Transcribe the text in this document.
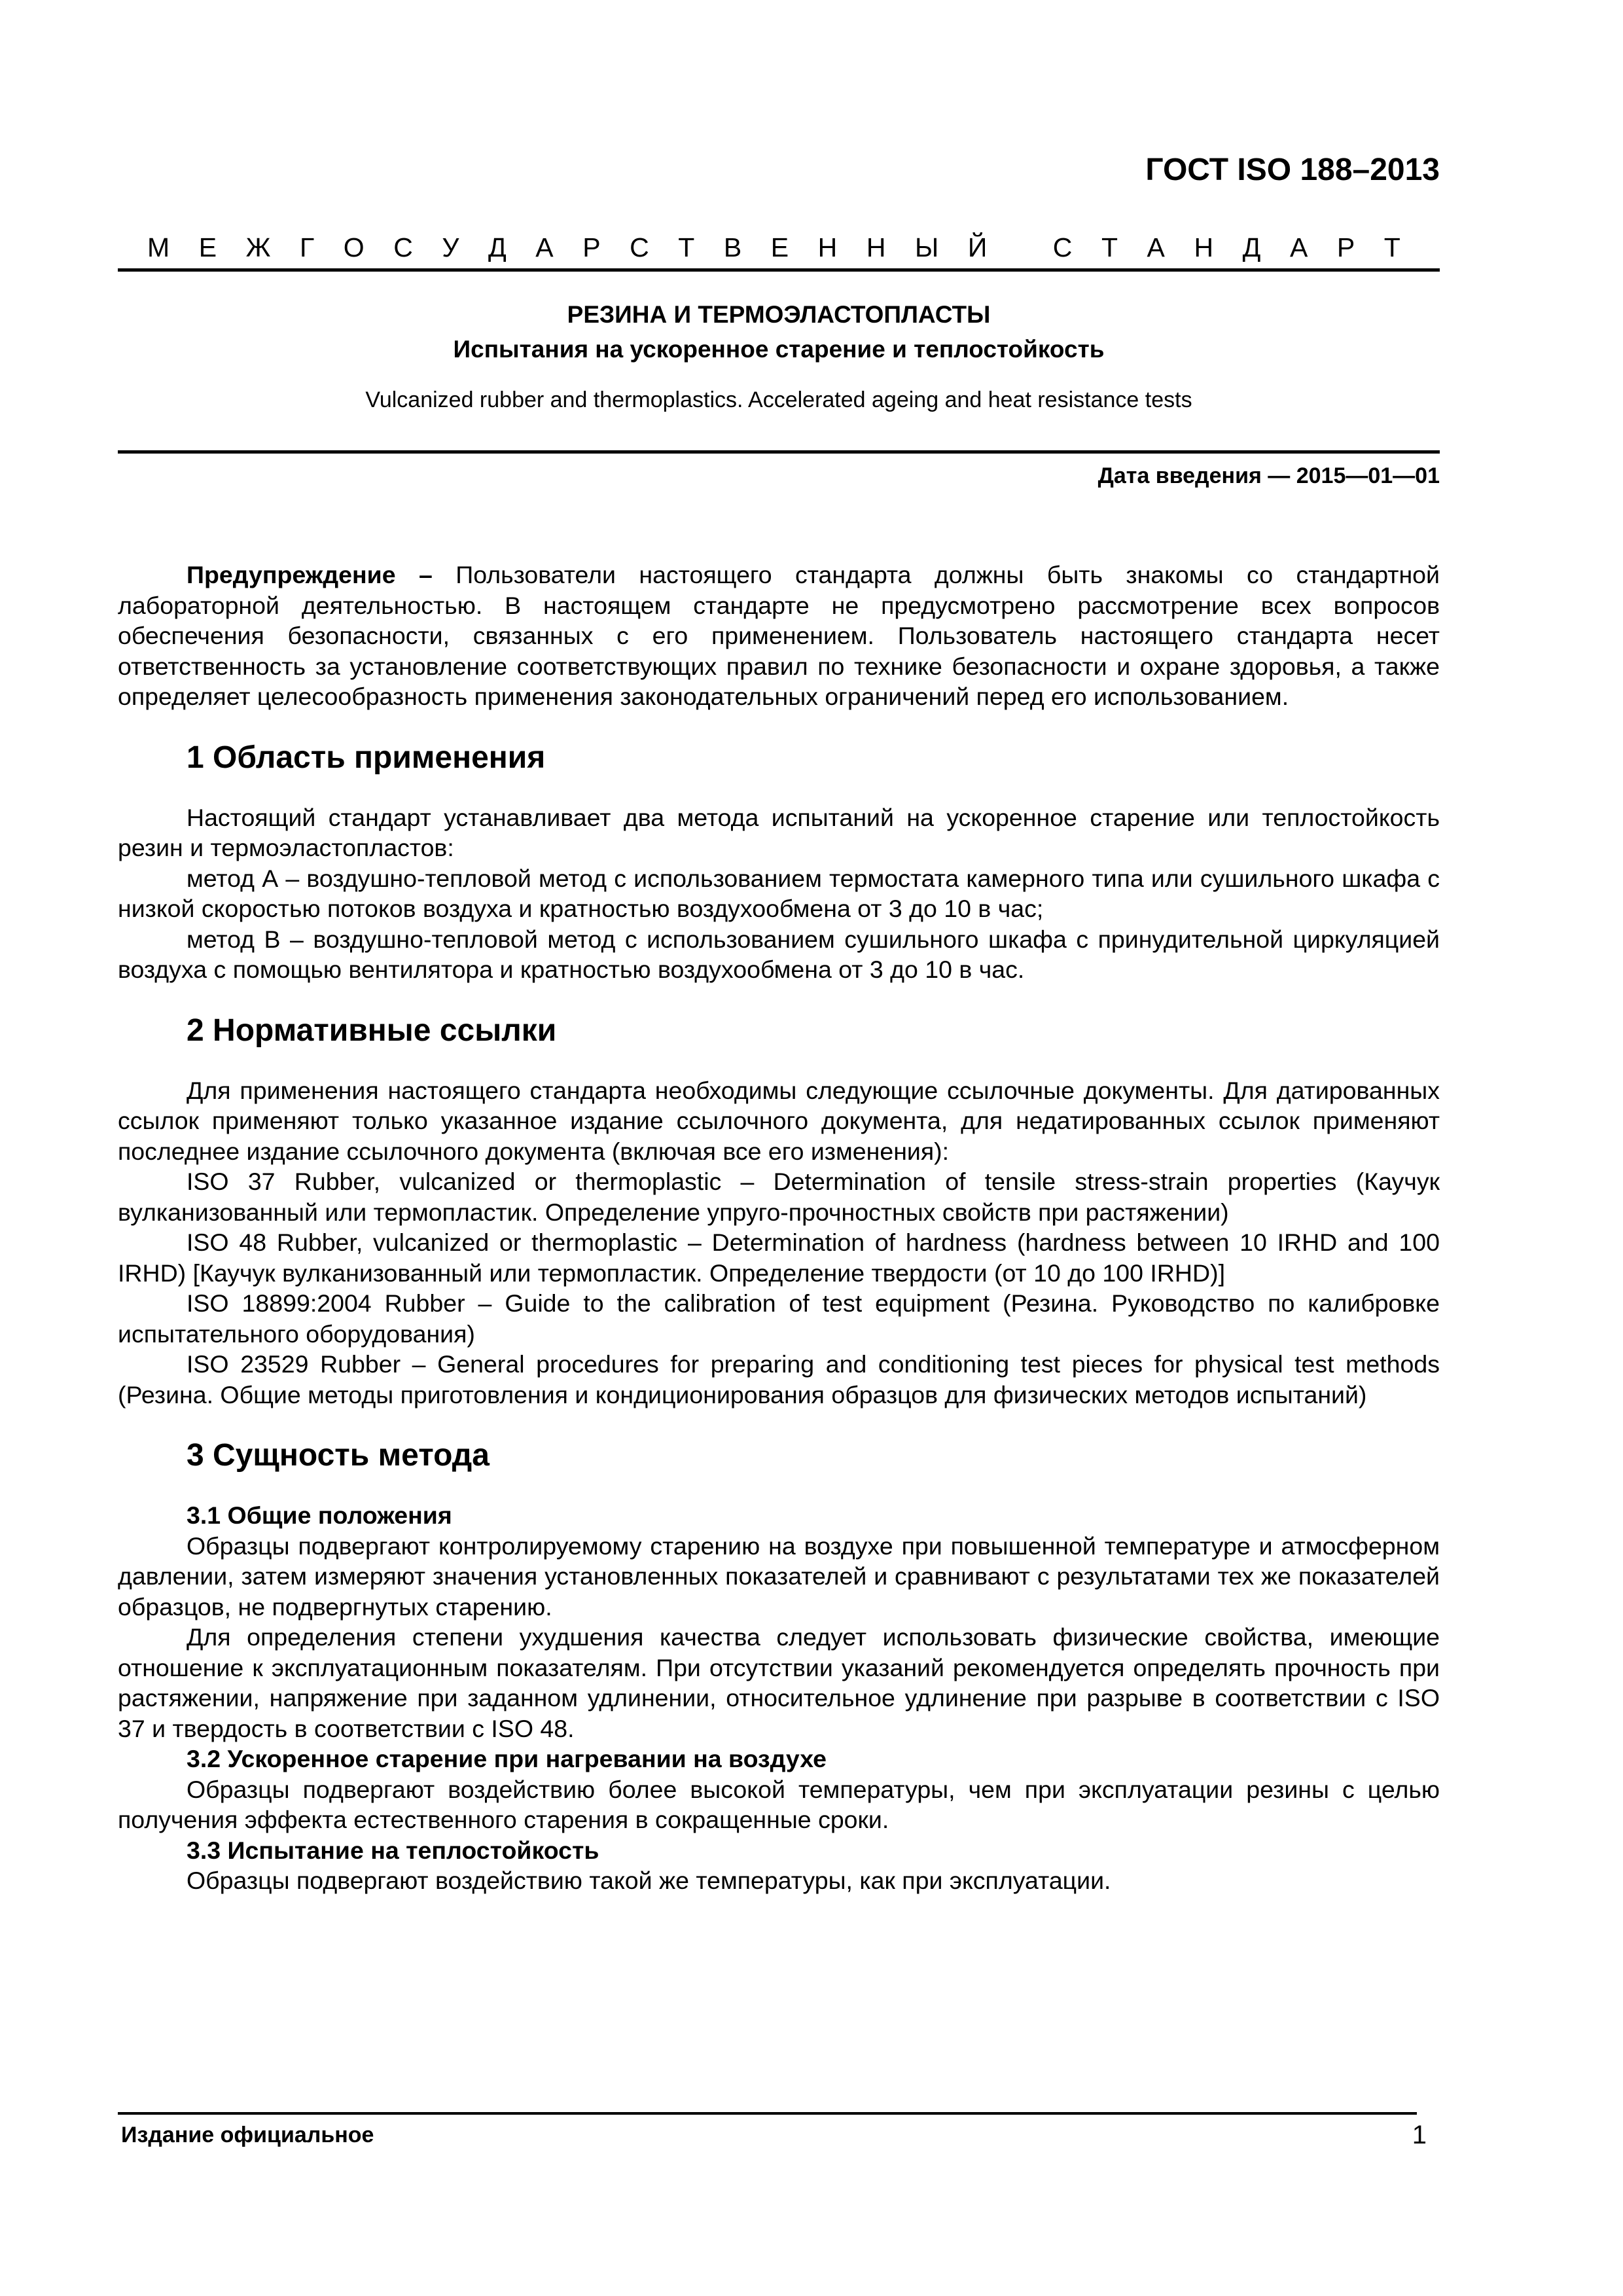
ГОСТ ISO 188–2013
М Е Ж Г О С У Д А Р С Т В Е Н Н Ы Й
С Т А Н Д А Р Т
РЕЗИНА И ТЕРМОЭЛАСТОПЛАСТЫ
Испытания на ускоренное старение и теплостойкость
Vulcanized rubber and thermoplastics. Accelerated ageing and heat resistance tests
Дата введения — 2015—01—01

Предупреждение – Пользователи настоящего стандарта должны быть знакомы со стандартной лабораторной деятельностью. В настоящем стандарте не предусмотрено рассмотрение всех вопросов обеспечения безопасности, связанных с его применением. Пользователь настоящего стандарта несет ответственность за установление соответствующих правил по технике безопасности и охране здоровья, а также определяет целесообразность применения законодательных ограничений перед его использованием.

1 Область применения

Настоящий стандарт устанавливает два метода испытаний на ускоренное старение или теплостойкость резин и термоэластопластов:

метод А – воздушно-тепловой метод с использованием термостата камерного типа или сушильного шкафа с низкой скоростью потоков воздуха и кратностью воздухообмена от 3 до 10 в час;

метод В – воздушно-тепловой метод с использованием сушильного шкафа с принудительной циркуляцией воздуха с помощью вентилятора и кратностью воздухообмена от 3 до 10 в час.

2 Нормативные ссылки

Для применения настоящего стандарта необходимы следующие ссылочные документы. Для датированных ссылок применяют только указанное издание ссылочного документа, для недатированных ссылок применяют последнее издание ссылочного документа (включая все его изменения):

ISO 37 Rubber, vulcanized or thermoplastic – Determination of tensile stress-strain properties (Каучук вулканизованный или термопластик. Определение упруго-прочностных свойств при растяжении)

ISO 48 Rubber, vulcanized or thermoplastic – Determination of hardness (hardness between 10 IRHD and 100 IRHD) [Каучук вулканизованный или термопластик. Определение твердости (от 10 до 100 IRHD)]

ISO 18899:2004 Rubber – Guide to the calibration of test equipment (Резина. Руководство по калибровке испытательного оборудования)

ISO 23529 Rubber – General procedures for preparing and conditioning test pieces for physical test methods (Резина. Общие методы приготовления и кондиционирования образцов для физических методов испытаний)

3 Сущность метода
3.1 Общие положения

Образцы подвергают контролируемому старению на воздухе при повышенной температуре и атмосферном давлении, затем измеряют значения установленных показателей и сравнивают с результатами тех же показателей образцов, не подвергнутых старению.

Для определения степени ухудшения качества следует использовать физические свойства, имеющие отношение к эксплуатационным показателям. При отсутствии указаний рекомендуется определять прочность при растяжении, напряжение при заданном удлинении, относительное удлинение при разрыве в соответствии с ISO 37 и твердость в соответствии с ISO 48.

3.2 Ускоренное старение при нагревании на воздухе

Образцы подвергают воздействию более высокой температуры, чем при эксплуатации резины с целью получения эффекта естественного старения в сокращенные сроки.

3.3 Испытание на теплостойкость

Образцы подвергают воздействию такой же температуры, как при эксплуатации.

Издание официальное	1
